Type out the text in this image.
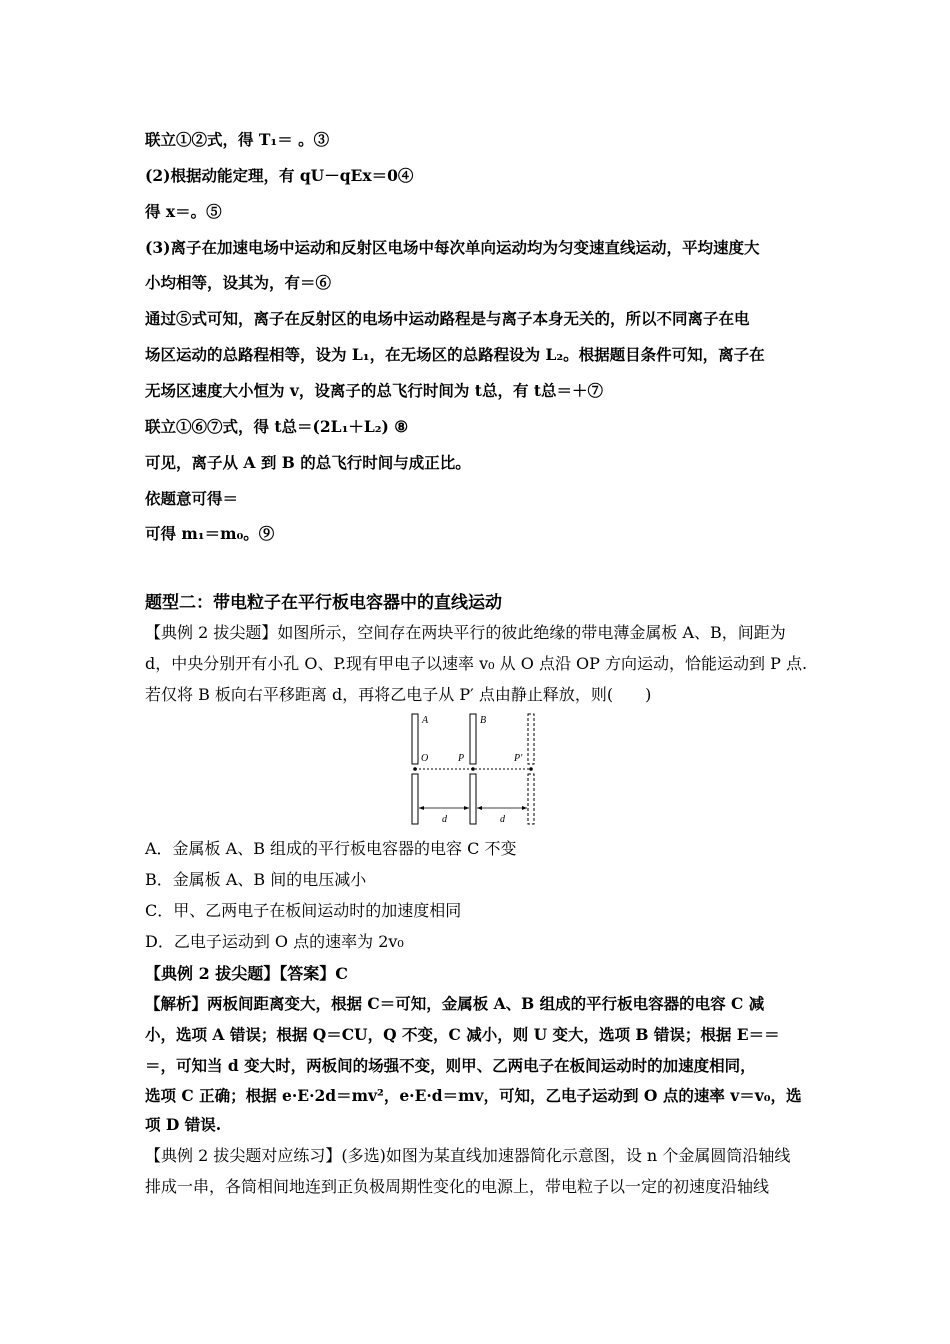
联立①②式，得 T₁＝ 。③
(2)根据动能定理，有 qU－qEx＝0④
得 x＝。⑤
(3)离子在加速电场中运动和反射区电场中每次单向运动均为匀变速直线运动，平均速度大
小均相等，设其为，有＝⑥
通过⑤式可知，离子在反射区的电场中运动路程是与离子本身无关的，所以不同离子在电
场区运动的总路程相等，设为 L₁，在无场区的总路程设为 L₂。根据题目条件可知，离子在
无场区速度大小恒为 v，设离子的总飞行时间为 t总，有 t总＝＋⑦
联立①⑥⑦式，得 t总＝(2L₁＋L₂) ⑧
可见，离子从 A 到 B 的总飞行时间与成正比。
依题意可得＝
可得 m₁＝m₀。⑨
题型二：带电粒子在平行板电容器中的直线运动
【典例 2 拔尖题】如图所示，空间存在两块平行的彼此绝缘的带电薄金属板 A、B，间距为
d，中央分别开有小孔 O、P.现有甲电子以速率 v₀ 从 O 点沿 OP 方向运动，恰能运动到 P 点.
若仅将 B 板向右平移距离 d，再将乙电子从 P′ 点由静止释放，则(　　)
A	B
O	P	P′
d	d
A．金属板 A、B 组成的平行板电容器的电容 C 不变
B．金属板 A、B 间的电压减小
C．甲、乙两电子在板间运动时的加速度相同
D．乙电子运动到 O 点的速率为 2v₀
【典例 2 拔尖题】【答案】C
【解析】两板间距离变大，根据 C＝可知，金属板 A、B 组成的平行板电容器的电容 C 减
小，选项 A 错误；根据 Q＝CU，Q 不变，C 减小，则 U 变大，选项 B 错误；根据 E＝＝
＝，可知当 d 变大时，两板间的场强不变，则甲、乙两电子在板间运动时的加速度相同，
选项 C 正确；根据 e·E·2d＝mv²，e·E·d＝mv，可知，乙电子运动到 O 点的速率 v＝v₀，选
项 D 错误.
【典例 2 拔尖题对应练习】(多选)如图为某直线加速器简化示意图，设 n 个金属圆筒沿轴线
排成一串，各筒相间地连到正负极周期性变化的电源上，带电粒子以一定的初速度沿轴线
